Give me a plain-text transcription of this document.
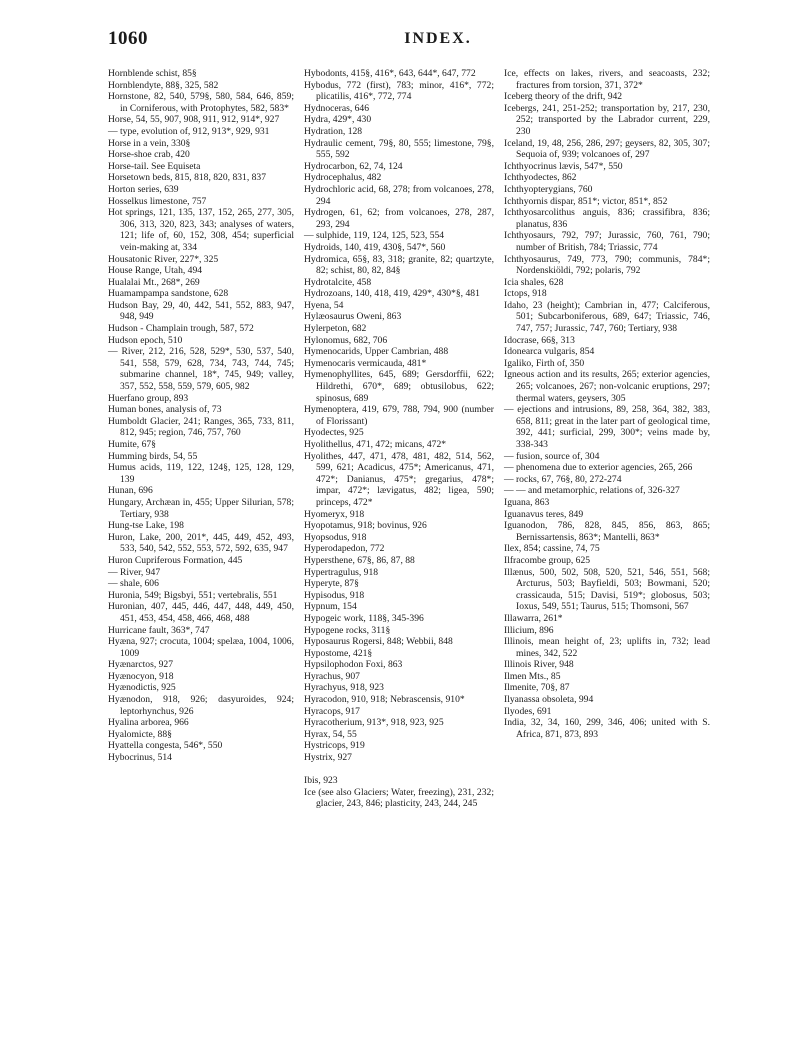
1060	INDEX.

Hornblende schist, 85§

Hornblendyte, 88§, 325, 582

Hornstone, 82, 540, 579§, 580, 584, 646, 859; in Corniferous, with Protophytes, 582, 583*

Horse, 54, 55, 907, 908, 911, 912, 914*, 927

— type, evolution of, 912, 913*, 929, 931

Horse in a vein, 330§

Horse-shoe crab, 420

Horse-tail. See Equiseta

Horsetown beds, 815, 818, 820, 831, 837

Horton series, 639

Hosselkus limestone, 757

Hot springs, 121, 135, 137, 152, 265, 277, 305, 306, 313, 320, 823, 343; analyses of waters, 121; life of, 60, 152, 308, 454; superficial vein-making at, 334

Housatonic River, 227*, 325

House Range, Utah, 494

Hualalai Mt., 268*, 269

Huamampampa sandstone, 628

Hudson Bay, 29, 40, 442, 541, 552, 883, 947, 948, 949

Hudson - Champlain trough, 587, 572

Hudson epoch, 510

— River, 212, 216, 528, 529*, 530, 537, 540, 541, 558, 579, 628, 734, 743, 744, 745; submarine channel, 18*, 745, 949; valley, 357, 552, 558, 559, 579, 605, 982

Huerfano group, 893

Human bones, analysis of, 73

Humboldt Glacier, 241; Ranges, 365, 733, 811, 812, 945; region, 746, 757, 760

Humite, 67§

Humming birds, 54, 55

Humus acids, 119, 122, 124§, 125, 128, 129, 139

Hunan, 696

Hungary, Archæan in, 455; Upper Silurian, 578; Tertiary, 938

Hung-tse Lake, 198

Huron, Lake, 200, 201*, 445, 449, 452, 493, 533, 540, 542, 552, 553, 572, 592, 635, 947

Huron Cupriferous Formation, 445

— River, 947

— shale, 606

Huronia, 549; Bigsbyi, 551; vertebralis, 551

Huronian, 407, 445, 446, 447, 448, 449, 450, 451, 453, 454, 458, 466, 468, 488

Hurricane fault, 363*, 747

Hyæna, 927; crocuta, 1004; spelæa, 1004, 1006, 1009

Hyænarctos, 927

Hyænocyon, 918

Hyænodictis, 925

Hyænodon, 918, 926; dasyuroides, 924; leptorhynchus, 926

Hyalina arborea, 966

Hyalomicte, 88§

Hyattella congesta, 546*, 550

Hybocrinus, 514

Hybodonts, 415§, 416*, 643, 644*, 647, 772

Hybodus, 772 (first), 783; minor, 416*, 772; plicatilis, 416*, 772, 774

Hydnoceras, 646

Hydra, 429*, 430

Hydration, 128

Hydraulic cement, 79§, 80, 555; limestone, 79§, 555, 592

Hydrocarbon, 62, 74, 124

Hydrocephalus, 482

Hydrochloric acid, 68, 278; from volcanoes, 278, 294

Hydrogen, 61, 62; from volcanoes, 278, 287, 293, 294

— sulphide, 119, 124, 125, 523, 554

Hydroids, 140, 419, 430§, 547*, 560

Hydromica, 65§, 83, 318; granite, 82; quartzyte, 82; schist, 80, 82, 84§

Hydrotalcite, 458

Hydrozoans, 140, 418, 419, 429*, 430*§, 481

Hyena, 54

Hylæosaurus Oweni, 863

Hylerpeton, 682

Hylonomus, 682, 706

Hymenocarids, Upper Cambrian, 488

Hymenocaris vermicauda, 481*

Hymenophyllites, 645, 689; Gersdorffii, 622; Hildrethi, 670*, 689; obtusilobus, 622; spinosus, 689

Hymenoptera, 419, 679, 788, 794, 900 (number of Florissant)

Hyodectes, 925

Hyolithellus, 471, 472; micans, 472*

Hyolithes, 447, 471, 478, 481, 482, 514, 562, 599, 621; Acadicus, 475*; Americanus, 471, 472*; Danianus, 475*; gregarius, 478*; impar, 472*; lævigatus, 482; ligea, 590; princeps, 472*

Hyomeryx, 918

Hyopotamus, 918; bovinus, 926

Hyopsodus, 918

Hyperodapedon, 772

Hypersthene, 67§, 86, 87, 88

Hypertragulus, 918

Hyperyte, 87§

Hypisodus, 918

Hypnum, 154

Hypogeic work, 118§, 345-396

Hypogene rocks, 311§

Hyposaurus Rogersi, 848; Webbii, 848

Hypostome, 421§

Hypsilophodon Foxi, 863

Hyrachus, 907

Hyrachyus, 918, 923

Hyracodon, 910, 918; Nebrascensis, 910*

Hyracops, 917

Hyracotherium, 913*, 918, 923, 925

Hyrax, 54, 55

Hystricops, 919

Hystrix, 927

Ibis, 923

Ice (see also Glaciers; Water, freezing), 231, 232; glacier, 243, 846; plasticity, 243, 244, 245

Ice, effects on lakes, rivers, and seacoasts, 232; fractures from torsion, 371, 372*

Iceberg theory of the drift, 942

Icebergs, 241, 251-252; transportation by, 217, 230, 252; transported by the Labrador current, 229, 230

Iceland, 19, 48, 256, 286, 297; geysers, 82, 305, 307; Sequoia of, 939; volcanoes of, 297

Ichthyocrinus lævis, 547*, 550

Ichthyodectes, 862

Ichthyopterygians, 760

Ichthyornis dispar, 851*; victor, 851*, 852

Ichthyosarcolithus anguis, 836; crassifibra, 836; planatus, 836

Ichthyosaurs, 792, 797; Jurassic, 760, 761, 790; number of British, 784; Triassic, 774

Ichthyosaurus, 749, 773, 790; communis, 784*; Nordenskiöldi, 792; polaris, 792

Icia shales, 628

Ictops, 918

Idaho, 23 (height); Cambrian in, 477; Calciferous, 501; Subcarboniferous, 689, 647; Triassic, 746, 747, 757; Jurassic, 747, 760; Tertiary, 938

Idocrase, 66§, 313

Idonearca vulgaris, 854

Igaliko, Firth of, 350

Igneous action and its results, 265; exterior agencies, 265; volcanoes, 267; non-volcanic eruptions, 297; thermal waters, geysers, 305

— ejections and intrusions, 89, 258, 364, 382, 383, 658, 811; great in the later part of geological time, 392, 441; surficial, 299, 300*; veins made by, 338-343

— fusion, source of, 304

— phenomena due to exterior agencies, 265, 266

— rocks, 67, 76§, 80, 272-274

— — and metamorphic, relations of, 326-327

Iguana, 863

Iguanavus teres, 849

Iguanodon, 786, 828, 845, 856, 863, 865; Bernissartensis, 863*; Mantelli, 863*

Ilex, 854; cassine, 74, 75

Ilfracombe group, 625

Illænus, 500, 502, 508, 520, 521, 546, 551, 568; Arcturus, 503; Bayfieldi, 503; Bowmani, 520; crassicauda, 515; Davisi, 519*; globosus, 503; Ioxus, 549, 551; Taurus, 515; Thomsoni, 567

Illawarra, 261*

Illicium, 896

Illinois, mean height of, 23; uplifts in, 732; lead mines, 342, 522

Illinois River, 948

Ilmen Mts., 85

Ilmenite, 70§, 87

Ilyanassa obsoleta, 994

Ilyodes, 691

India, 32, 34, 160, 299, 346, 406; united with S. Africa, 871, 873, 893
